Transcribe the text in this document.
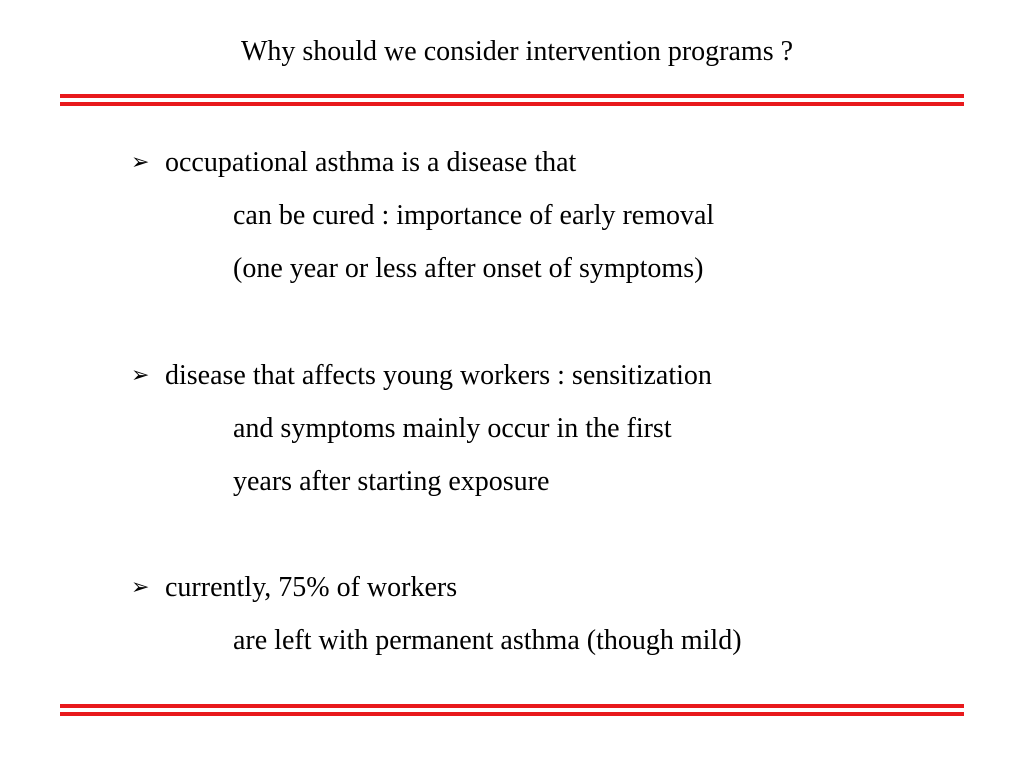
Why should we consider intervention programs ?
➢ occupational asthma is a disease that
can be cured : importance of early removal
(one year or less after onset of symptoms)
➢ disease that affects young workers : sensitization
and symptoms mainly occur in the first
years after starting exposure
➢ currently, 75% of workers
are left with permanent asthma (though mild)
